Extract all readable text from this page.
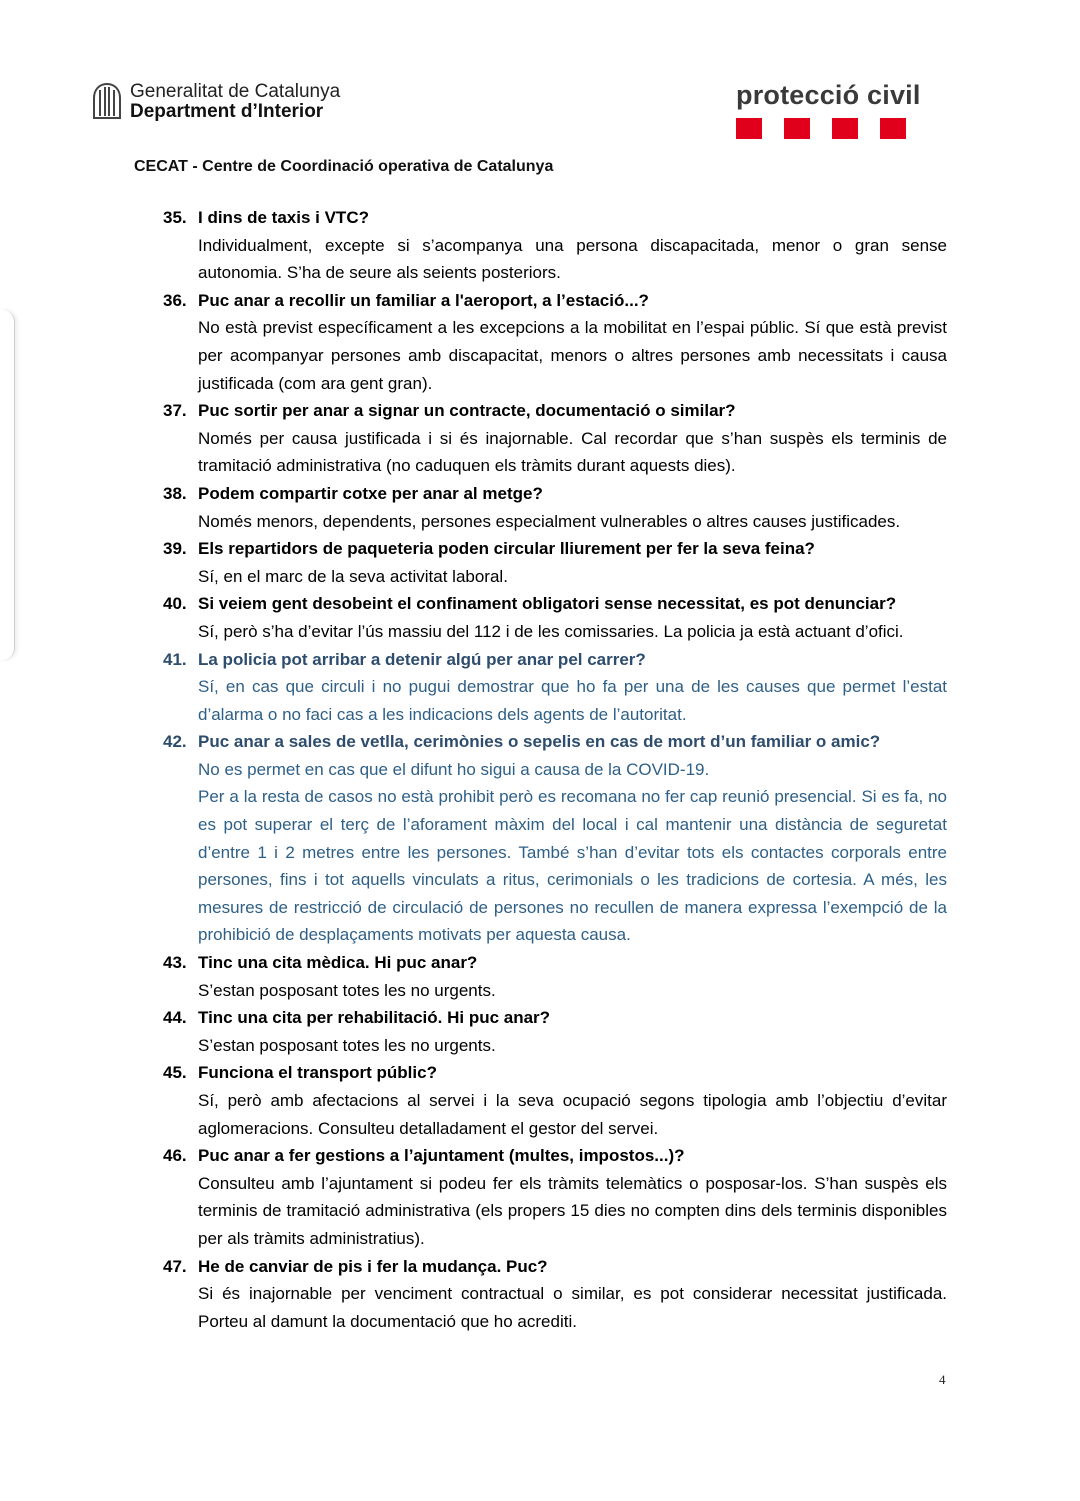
Generalitat de Catalunya
Department d’Interior
protecció civil
CECAT - Centre de Coordinació operativa de Catalunya
35. I dins de taxis i VTC?
Individualment, excepte si s’acompanya una persona discapacitada, menor o gran sense autonomia. S’ha de seure als seients posteriors.
36. Puc anar a recollir un familiar a l'aeroport, a l’estació...?
No està previst específicament a les excepcions a la mobilitat en l’espai públic. Sí que està previst per acompanyar persones amb discapacitat, menors o altres persones amb necessitats i causa justificada (com ara gent gran).
37. Puc sortir per anar a signar un contracte, documentació o similar?
Només per causa justificada i si és inajornable. Cal recordar que s’han suspès els terminis de tramitació administrativa (no caduquen els tràmits durant aquests dies).
38. Podem compartir cotxe per anar al metge?
Només menors, dependents, persones especialment vulnerables o altres causes justificades.
39. Els repartidors de paqueteria poden circular lliurement per fer la seva feina?
Sí, en el marc de la seva activitat laboral.
40. Si veiem gent desobeint el confinament obligatori sense necessitat, es pot denunciar?
Sí, però s’ha d’evitar l’ús massiu del 112 i de les comissaries. La policia ja està actuant d’ofici.
41. La policia pot arribar a detenir algú per anar pel carrer?
Sí, en cas que circuli i no pugui demostrar que ho fa per una de les causes que permet l’estat d’alarma o no faci cas a les indicacions dels agents de l’autoritat.
42. Puc anar a sales de vetlla, cerimònies o sepelis en cas de mort d’un familiar o amic?
No es permet en cas que el difunt ho sigui a causa de la COVID-19.
Per a la resta de casos no està prohibit però es recomana no fer cap reunió presencial. Si es fa, no es pot superar el terç de l’aforament màxim del local i cal mantenir una distància de seguretat d’entre 1 i 2 metres entre les persones. També s’han d’evitar tots els contactes corporals entre persones, fins i tot aquells vinculats a ritus, cerimonials o les tradicions de cortesia. A més, les mesures de restricció de circulació de persones no recullen de manera expressa l’exempció de la prohibició de desplaçaments motivats per aquesta causa.
43. Tinc una cita mèdica. Hi puc anar?
S’estan posposant totes les no urgents.
44. Tinc una cita per rehabilitació. Hi puc anar?
S’estan posposant totes les no urgents.
45. Funciona el transport públic?
Sí, però amb afectacions al servei i la seva ocupació segons tipologia amb l’objectiu d’evitar aglomeracions. Consulteu detalladament el gestor del servei.
46. Puc anar a fer gestions a l’ajuntament (multes, impostos...)?
Consulteu amb l’ajuntament si podeu fer els tràmits telemàtics o posposar-los. S’han suspès els terminis de tramitació administrativa (els propers 15 dies no compten dins dels terminis disponibles per als tràmits administratius).
47. He de canviar de pis i fer la mudança. Puc?
Si és inajornable per venciment contractual o similar, es pot considerar necessitat justificada. Porteu al damunt la documentació que ho acrediti.
4
